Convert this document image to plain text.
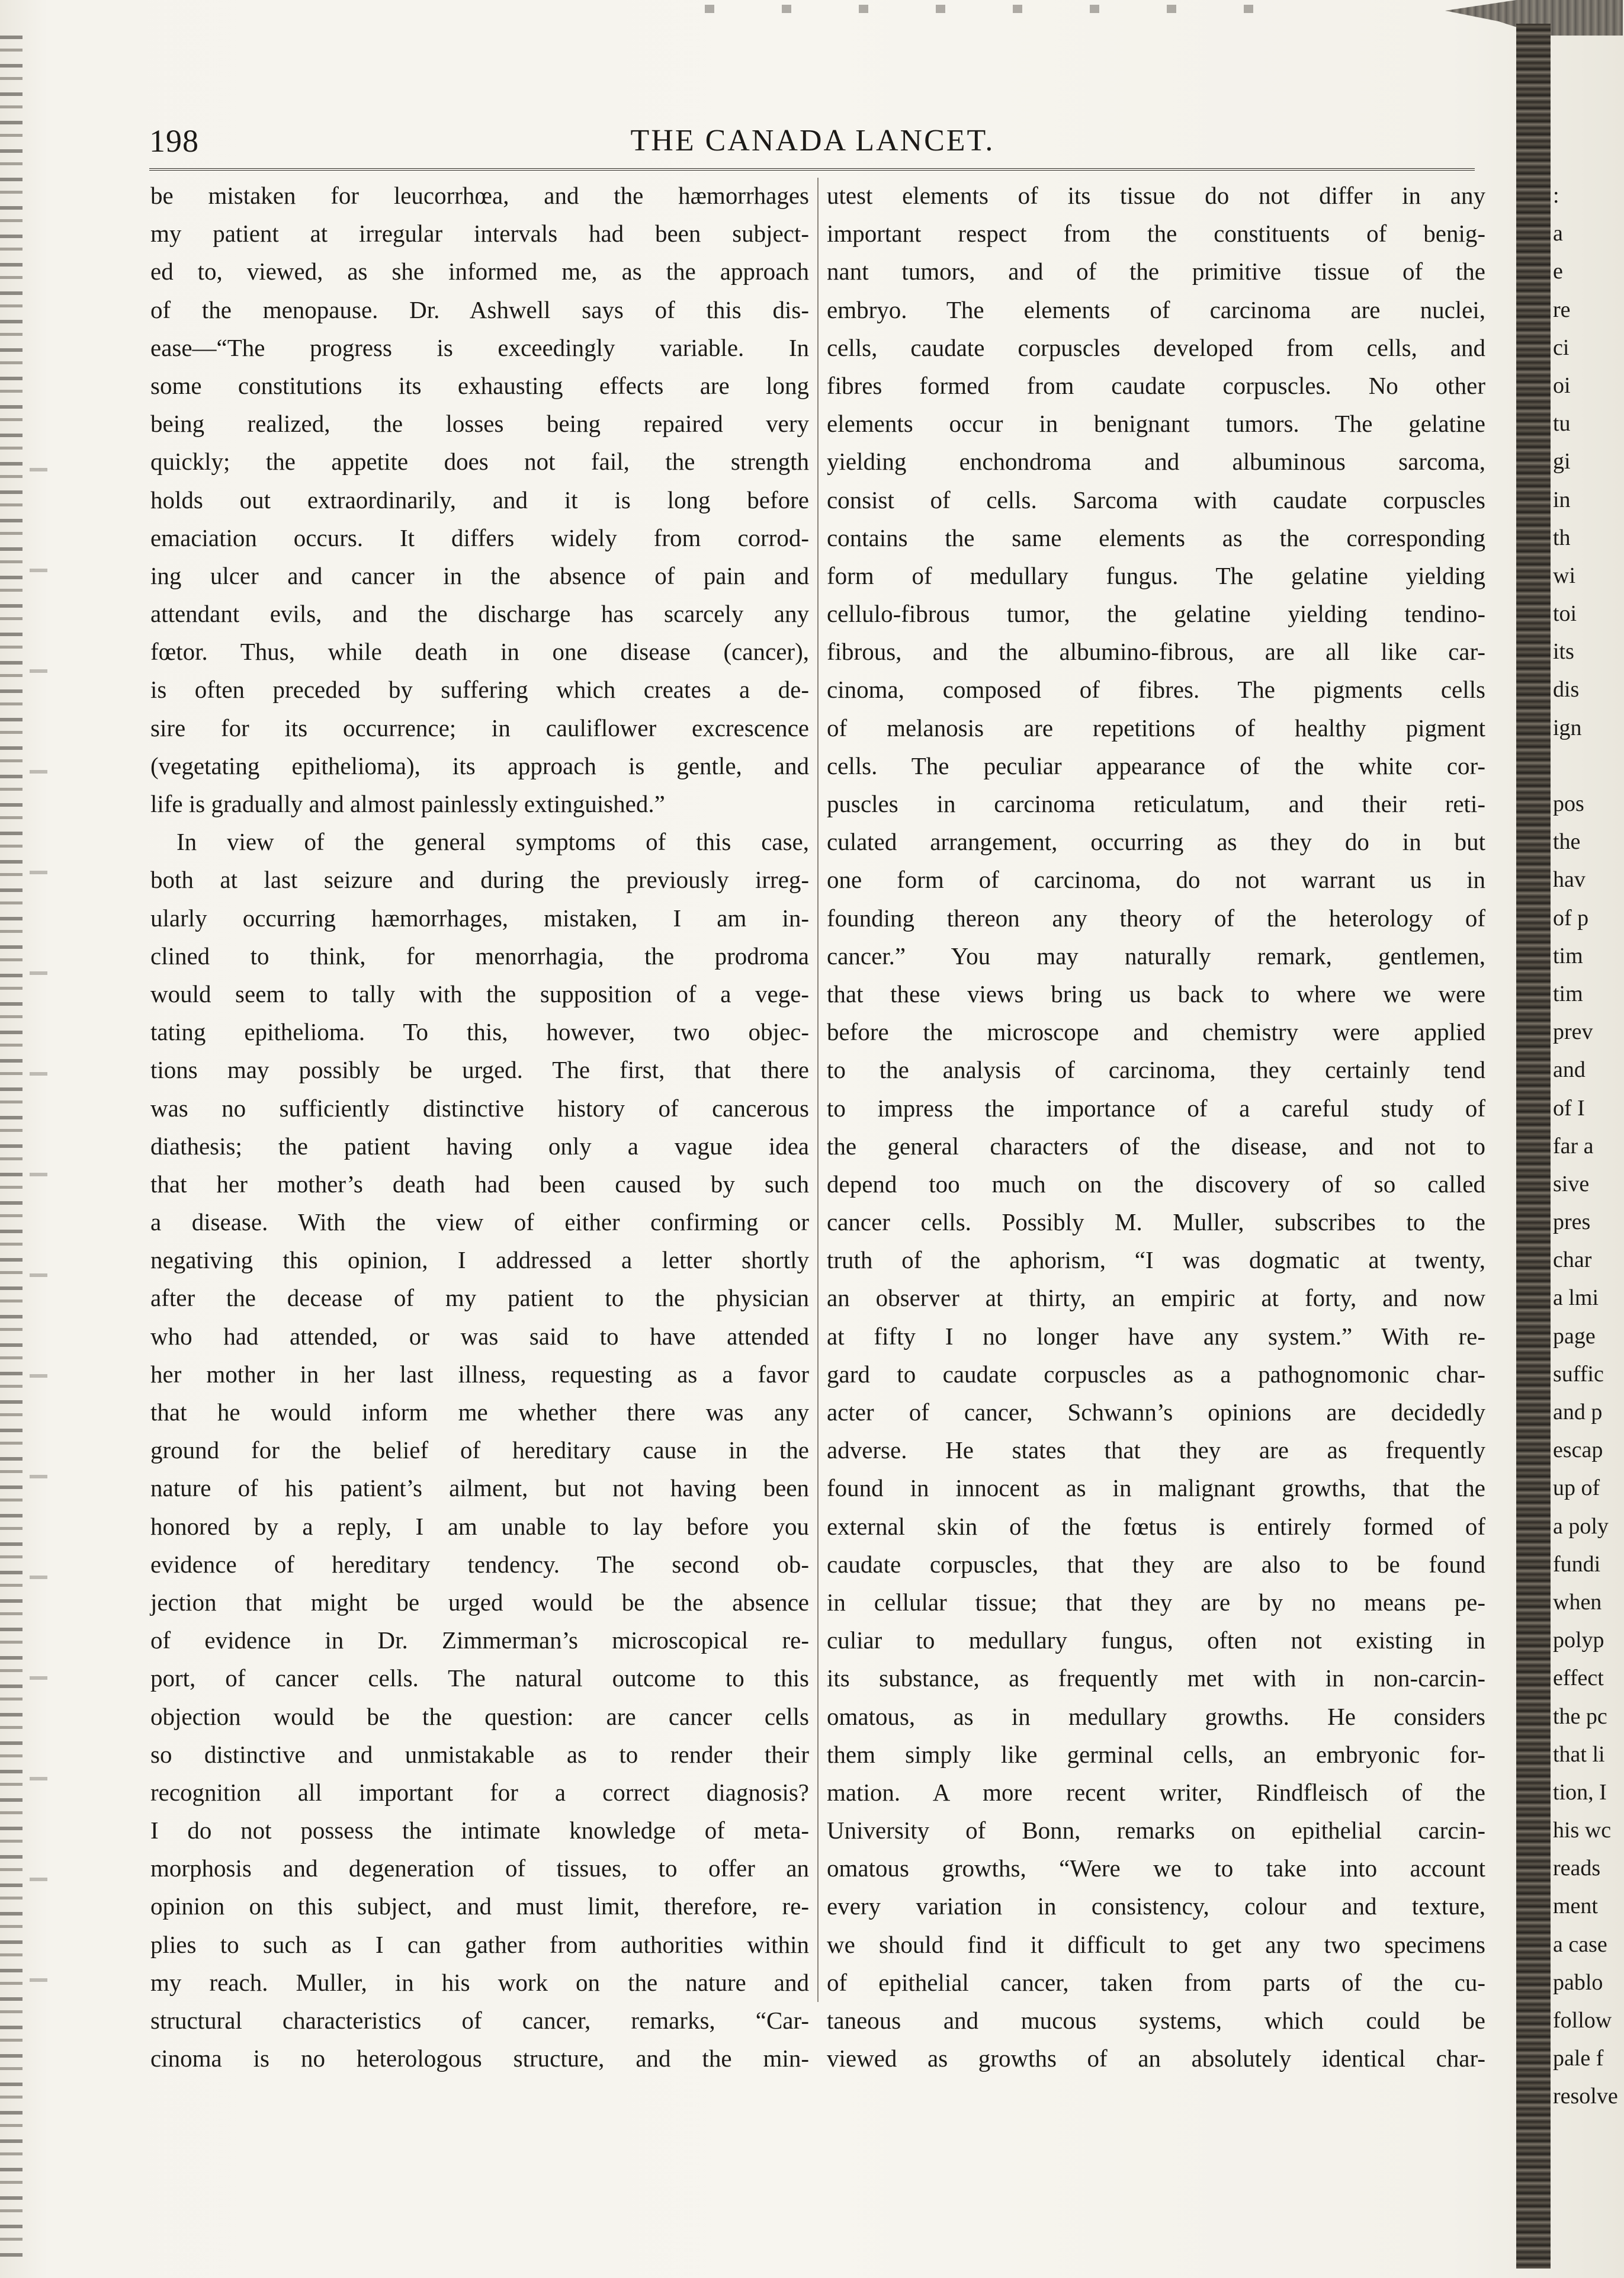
198	THE CANADA LANCET.
be mistaken for leucorrhœa, and the hæmorrhages
my patient at irregular intervals had been subject-
ed to, viewed, as she informed me, as the approach
of the menopause. Dr. Ashwell says of this dis-
ease—“The progress is exceedingly variable. In
some constitutions its exhausting effects are long
being realized, the losses being repaired very
quickly; the appetite does not fail, the strength
holds out extraordinarily, and it is long before
emaciation occurs. It differs widely from corrod-
ing ulcer and cancer in the absence of pain and
attendant evils, and the discharge has scarcely any
fœtor. Thus, while death in one disease (cancer),
is often preceded by suffering which creates a de-
sire for its occurrence; in cauliflower excrescence
(vegetating epithelioma), its approach is gentle, and
life is gradually and almost painlessly extinguished.”
In view of the general symptoms of this case,
both at last seizure and during the previously irreg-
ularly occurring hæmorrhages, mistaken, I am in-
clined to think, for menorrhagia, the prodroma
would seem to tally with the supposition of a vege-
tating epithelioma. To this, however, two objec-
tions may possibly be urged. The first, that there
was no sufficiently distinctive history of cancerous
diathesis; the patient having only a vague idea
that her mother’s death had been caused by such
a disease. With the view of either confirming or
negativing this opinion, I addressed a letter shortly
after the decease of my patient to the physician
who had attended, or was said to have attended
her mother in her last illness, requesting as a favor
that he would inform me whether there was any
ground for the belief of hereditary cause in the
nature of his patient’s ailment, but not having been
honored by a reply, I am unable to lay before you
evidence of hereditary tendency. The second ob-
jection that might be urged would be the absence
of evidence in Dr. Zimmerman’s microscopical re-
port, of cancer cells. The natural outcome to this
objection would be the question: are cancer cells
so distinctive and unmistakable as to render their
recognition all important for a correct diagnosis?
I do not possess the intimate knowledge of meta-
morphosis and degeneration of tissues, to offer an
opinion on this subject, and must limit, therefore, re-
plies to such as I can gather from authorities within
my reach. Muller, in his work on the nature and
structural characteristics of cancer, remarks, “Car-
cinoma is no heterologous structure, and the min-
utest elements of its tissue do not differ in any
important respect from the constituents of benig-
nant tumors, and of the primitive tissue of the
embryo. The elements of carcinoma are nuclei,
cells, caudate corpuscles developed from cells, and
fibres formed from caudate corpuscles. No other
elements occur in benignant tumors. The gelatine
yielding enchondroma and albuminous sarcoma,
consist of cells. Sarcoma with caudate corpuscles
contains the same elements as the corresponding
form of medullary fungus. The gelatine yielding
cellulo-fibrous tumor, the gelatine yielding tendino-
fibrous, and the albumino-fibrous, are all like car-
cinoma, composed of fibres. The pigments cells
of melanosis are repetitions of healthy pigment
cells. The peculiar appearance of the white cor-
puscles in carcinoma reticulatum, and their reti-
culated arrangement, occurring as they do in but
one form of carcinoma, do not warrant us in
founding thereon any theory of the heterology of
cancer.” You may naturally remark, gentlemen,
that these views bring us back to where we were
before the microscope and chemistry were applied
to the analysis of carcinoma, they certainly tend
to impress the importance of a careful study of
the general characters of the disease, and not to
depend too much on the discovery of so called
cancer cells. Possibly M. Muller, subscribes to the
truth of the aphorism, “I was dogmatic at twenty,
an observer at thirty, an empiric at forty, and now
at fifty I no longer have any system.” With re-
gard to caudate corpuscles as a pathognomonic char-
acter of cancer, Schwann’s opinions are decidedly
adverse. He states that they are as frequently
found in innocent as in malignant growths, that the
external skin of the fœtus is entirely formed of
caudate corpuscles, that they are also to be found
in cellular tissue; that they are by no means pe-
culiar to medullary fungus, often not existing in
its substance, as frequently met with in non-carcin-
omatous, as in medullary growths. He considers
them simply like germinal cells, an embryonic for-
mation. A more recent writer, Rindfleisch of the
University of Bonn, remarks on epithelial carcin-
omatous growths, “Were we to take into account
every variation in consistency, colour and texture,
we should find it difficult to get any two specimens
of epithelial cancer, taken from parts of the cu-
taneous and mucous systems, which could be
viewed as growths of an absolutely identical char-
:
a
e
re
ci
oi
tu
gi
in
th
wi
toi
its
dis
ign
pos
the
hav
of p
tim
tim
prev
and
of I
far a
sive
pres
char
a lmi
page
suffic
and p
escap
up of
a poly
fundi
when
polyp
effect
the pc
that li
tion, I
his wc
reads
ment
a case
pablo
follow
pale f
resolve
